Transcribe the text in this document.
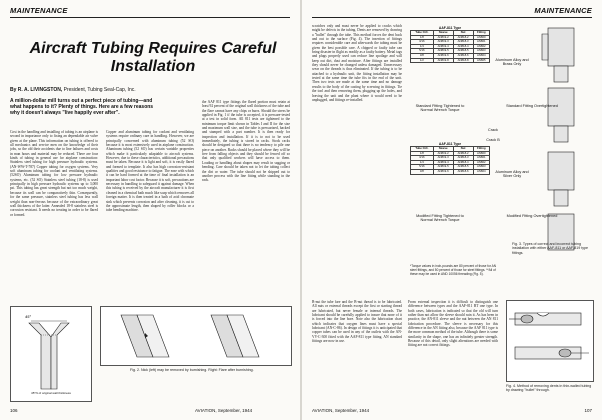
MAINTENANCE
Aircraft Tubing Requires Careful Installation
By R. A. LIVINGSTON, President, Tubing Seal-Cap, Inc.
A million-dollar mill turns out a perfect piece of tubing—and what happens to it? Plenty of things. Here are a few reasons why it doesn't always "live happily ever after".
Cost in the handling and installing of tubing is an airplane is second in importance only to fixing an dependable air valve given at the plane. This information on tubing is offered to all mechanics and service men on the knowledge of their jobs, so the old their accidents due to line failures and costs in man hours and material may be reduced. There are four kinds of tubing in general use for airplane construction: Stainless steel tubing for high pressure hydraulic systems. (AN-WW-T-787) Copper tubing for oxygen systems. Very soft aluminum tubing for coolant and ventilating systems. (52SO) Aluminum tubing for low pressure hydraulic systems, etc. (52 SO) Stainless steel tubing (18-8) is used principally in high pressure hydraulic systems up to 3,000 psi. This tubing has great strength but not too much weight, because its wall can be comparatively thin. Consequently, for the same pressure, stainless steel tubing has less wall weight than non-ferrous because of the extraordinary great wall thickness of the latter. Annealed 18-8 stainless steel is corrosion resistant. It needs no treating in order to be flared or formed.
Copper and aluminum tubing for coolant and ventilating systems require ordinary care in handling. However, we are principally concerned with aluminum tubing (52 SO) because it is most extensively used in airplane construction. Aluminum tubing (52 SO) has certain variable properties which make it particularly adaptable to aircraft systems. However, due to these characteristics, additional precautions must be taken. Because it is light and soft, it is easily flared and formed to template. It also has high corrosion-resistant qualities and good resistance to fatigue. The ease with which it can be hard formed at the time of final installation is an important labor cost factor. Because it is soft, precautions are necessary in handling to safeguard it against damage. When this tubing is received by the aircraft manufacturer it is first cleaned in a chemical bath much like soap which removes all foreign matter. It is then treated in a bath of acid chromate sink which prevents corrosion and after cleaning, it is cut to the approximate length, then shaped by roller blocks or a tube bending machine.
the AAF 811 type fittings the flared portion must retain at least 92 percent of the original wall thickness of the tube and the flare cannot have any chips or burrs. Should the stress be applied in Fig. 1 if the tube is accepted, it is pressure-tested at a test in solid form. All 811 tests are tightened to the minimum torque limit shown in Tables I and II for the size and maximum wall size, and the tube is pressurized, backed and stamped with a part number. It is then ready for inspection and installation. If it is to not to be used immediately, the tubing is stored in racks. Stock racks should be designed so that there is no tendency to pile one piece on another. Racks should be placed where they will be free from falling objects and they should be fenced off so that only qualified workers will have access to them. Loading or handling about shapes may result in sagging or bending. Care should be taken not to let the tubing collect the dirt or water. The tube should not be shipped out to another process with the line fitting while standing in the rack.
45°
45°N of original wall thickness
Fig. 2. Nick (left) may be removed by burnishing. Right: Flare after burnishing.
106	AVIATION, September, 1944
MAINTENANCE
scratches only and must never be applied to cracks which might be defects in the tubing. Dents are removed by drawing a "bullet" through the tube. This method forces the dent back and out to the surface (Fig. 4). The insertion of fittings requires considerable care and afterwards the tubing must be given the best possible care. A chipped or faulty tube can bring disaster in flight as readily as a faulty battery. Metal tags and plugs properly used can reduce line spoilage and will keep out dirt, dust and moisture. After fittings are installed they should never be changed unless damaged. Unnecessary wear on the threads is thus eliminated. If the tubing is to be attached to a hydraulic unit, the fitting installation may be tested at the same time the tube fits in the end of the unit. Then two tests are made at the same time and no damage results to the body of the casting by screwing in fittings. Tie the tool and then removing them, plugging up the holes, and leaving the unit and the plant where it would need to be unplugged, and fittings re-installed.
B-nut the tube fare and the B-nut thread is to be lubricated. All nuts or external threads except the first or starting thread are lubricated, but never female or internal threads. The lubricant should be carefully applied to insure that none of it is forced into the line bore. Note also the lubrication chart which indicates that oxygen lines must have a special lubricant (AN-C-86). In design of fittings it is anticipated that copper tubes can be used in any of the outlets with the AN-VV-C-300 fitted with the AAF-811 type fitting. AN standard fittings are now in use.
From external inspection it is difficult to distinguish one difference between types and the AAF-811 BT one type. In both cases, lubrication is indicated so that the old will turn rather than not allow the sleeve should ruin it. As has been in practice, the AN-811 sleeve and the nut between the AN 811 fabrication procedure. The sleeve is necessary for this difference in the AN fitting also, because the AAF 811 type is the more common method of the tube. Although there is some similarity in the shape, one has an infinitely greater strength. Because of this detail, only slight alterations are needed with fitting are not correct fittings.
AAF-811 Type
Tube O.D.	Sleeve	Nut	Fitting
1/8	AN819-2	AN818-2	AN800
3/16	AN819-3	AN818-3	AN801
1/4	AN819-4	AN818-4	AN802
5/16	AN819-5	AN818-5	AN803
3/8	AN819-6	AN818-6	AN804
1/2	AN819-8	AN818-8	AN805	Aluminum Alloy and Brass Only
AAF-811 Type
Tube O.D.	Sleeve	Nut	Fitting
1/8	AN819-2	AN818-2	AN800
3/16	AN819-3	AN818-3	AN801
1/4	AN819-4	AN818-4	AN802
5/16	AN819-5	AN818-5	AN803
3/8	AN819-6	AN818-6	AN804	Aluminum Alloy and Silver Only
Standard Fitting Tightened to Normal Wrench Torque
Standard Fitting Overtightened
Crack
Crack B
Modified Fitting Tightened to Normal Wrench Torque
Modified Fitting Overtightened
Fig. 3. Types of correct and incorrect tubing installation with either AAF-811 or AAF-819 type fittings.
*Torque values in inch-pounds are 80 percent of those for AN steel fittings, and 50 percent of those for steel fittings. **All of these may be used in AND 10056 threading (Fig. 5).
Fig. 4. Method of removing dents in thin-walled tubing by drawing "bullet" through.
AVIATION, September, 1944	107
